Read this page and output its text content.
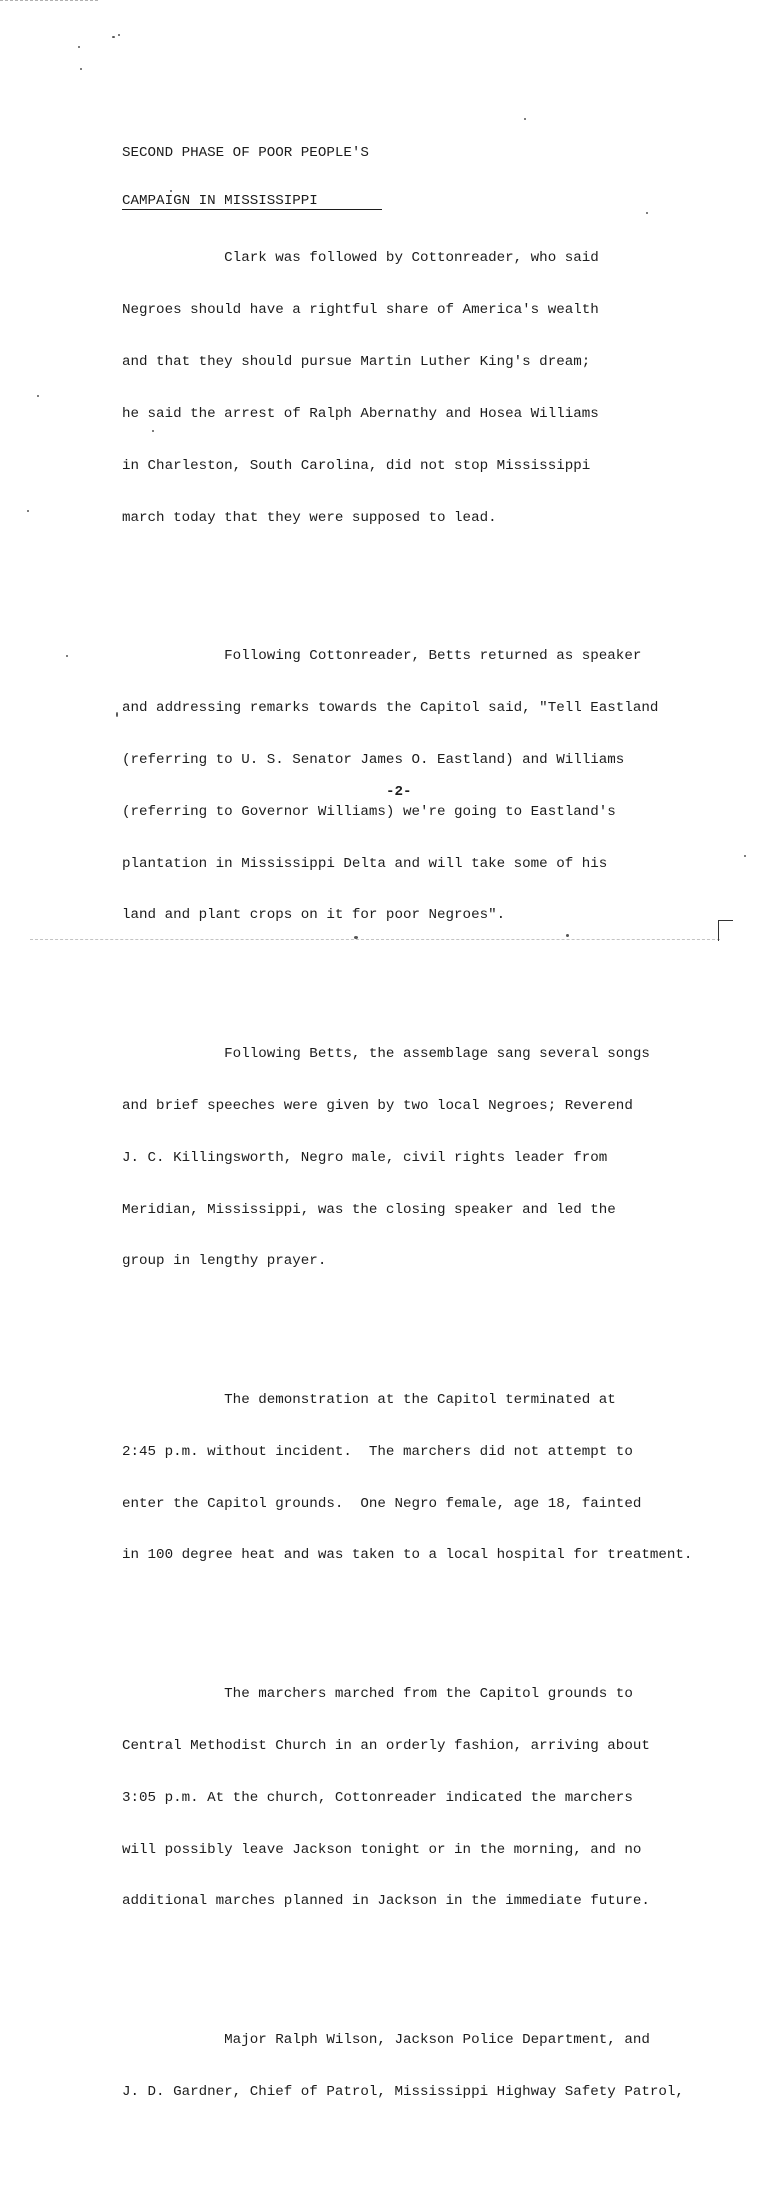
SECOND PHASE OF POOR PEOPLE'S

CAMPAIGN IN MISSISSIPPI

Clark was followed by Cottonreader, who said

Negroes should have a rightful share of America's wealth

and that they should pursue Martin Luther King's dream;

he said the arrest of Ralph Abernathy and Hosea Williams

in Charleston, South Carolina, did not stop Mississippi

march today that they were supposed to lead.

Following Cottonreader, Betts returned as speaker

and addressing remarks towards the Capitol said, "Tell Eastland

(referring to U. S. Senator James O. Eastland) and Williams

(referring to Governor Williams) we're going to Eastland's

plantation in Mississippi Delta and will take some of his

land and plant crops on it for poor Negroes".

Following Betts, the assemblage sang several songs

and brief speeches were given by two local Negroes; Reverend

J. C. Killingsworth, Negro male, civil rights leader from

Meridian, Mississippi, was the closing speaker and led the

group in lengthy prayer.

The demonstration at the Capitol terminated at

2:45 p.m. without incident.  The marchers did not attempt to

enter the Capitol grounds.  One Negro female, age 18, fainted

in 100 degree heat and was taken to a local hospital for treatment.

The marchers marched from the Capitol grounds to

Central Methodist Church in an orderly fashion, arriving about

3:05 p.m. At the church, Cottonreader indicated the marchers

will possibly leave Jackson tonight or in the morning, and no

additional marches planned in Jackson in the immediate future.

Major Ralph Wilson, Jackson Police Department, and

J. D. Gardner, Chief of Patrol, Mississippi Highway Safety Patrol,

-2-
